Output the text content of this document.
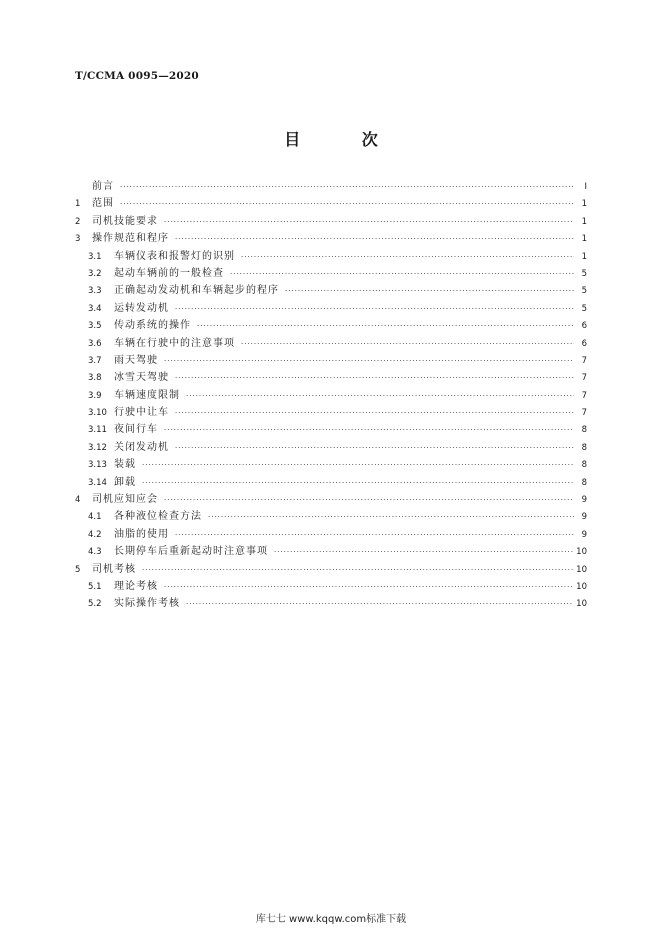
T/CCMA 0095—2020
目 次
前言 ·····	I
1	范围 ·····	1
2	司机技能要求 ·····	1
3	操作规范和程序 ·····	1
3.1	车辆仪表和报警灯的识别 ·····	1
3.2	起动车辆前的一般检查 ·····	5
3.3	正确起动发动机和车辆起步的程序 ·····	5
3.4	运转发动机 ·····	5
3.5	传动系统的操作 ·····	6
3.6	车辆在行驶中的注意事项 ·····	6
3.7	雨天驾驶 ·····	7
3.8	冰雪天驾驶 ·····	7
3.9	车辆速度限制 ·····	7
3.10 行驶中让车 ·····	7
3.11 夜间行车 ·····	8
3.12 关闭发动机 ·····	8
3.13 装载 ·····	8
3.14 卸载 ·····	8
4	司机应知应会 ·····	9
4.1	各种液位检查方法 ·····	9
4.2	油脂的使用 ·····	9
4.3	长期停车后重新起动时注意事项 ·····	10
5	司机考核 ·····	10
5.1	理论考核 ·····	10
5.2	实际操作考核 ·····	10
库七七 www.kqqw.com标准下载
